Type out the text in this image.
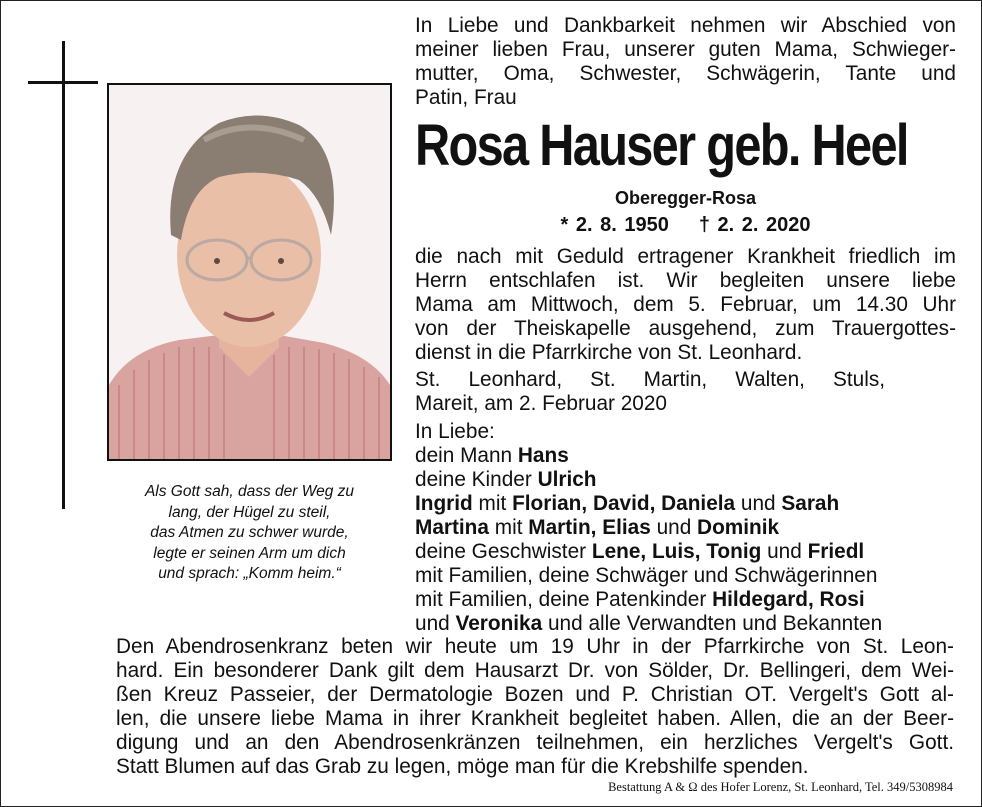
Als Gott sah, dass der Weg zu
lang, der Hügel zu steil,
das Atmen zu schwer wurde,
legte er seinen Arm um dich
und sprach: „Komm heim.“
In Liebe und Dankbarkeit nehmen wir Abschied von
meiner lieben Frau, unserer guten Mama, Schwieger-
mutter, Oma, Schwester, Schwägerin, Tante und
Patin, Frau
Rosa Hauser geb. Heel
Oberegger-Rosa
* 2. 8. 1950 † 2. 2. 2020
die nach mit Geduld ertragener Krankheit friedlich im
Herrn entschlafen ist. Wir begleiten unsere liebe
Mama am Mittwoch, dem 5. Februar, um 14.30 Uhr
von der Theiskapelle ausgehend, zum Trauergottes-
dienst in die Pfarrkirche von St. Leonhard.
St. Leonhard, St. Martin, Walten, Stuls,
Mareit, am 2. Februar 2020
In Liebe:
dein Mann Hans
deine Kinder Ulrich
Ingrid mit Florian, David, Daniela und Sarah
Martina mit Martin, Elias und Dominik
deine Geschwister Lene, Luis, Tonig und Friedl
mit Familien, deine Schwäger und Schwägerinnen
mit Familien, deine Patenkinder Hildegard, Rosi
und Veronika und alle Verwandten und Bekannten
Den Abendrosenkranz beten wir heute um 19 Uhr in der Pfarrkirche von St. Leon-
hard. Ein besonderer Dank gilt dem Hausarzt Dr. von Sölder, Dr. Bellingeri, dem Wei-
ßen Kreuz Passeier, der Dermatologie Bozen und P. Christian OT. Vergelt's Gott al-
len, die unsere liebe Mama in ihrer Krankheit begleitet haben. Allen, die an der Beer-
digung und an den Abendrosenkränzen teilnehmen, ein herzliches Vergelt's Gott.
Statt Blumen auf das Grab zu legen, möge man für die Krebshilfe spenden.
Bestattung A & Ω des Hofer Lorenz, St. Leonhard, Tel. 349/5308984
